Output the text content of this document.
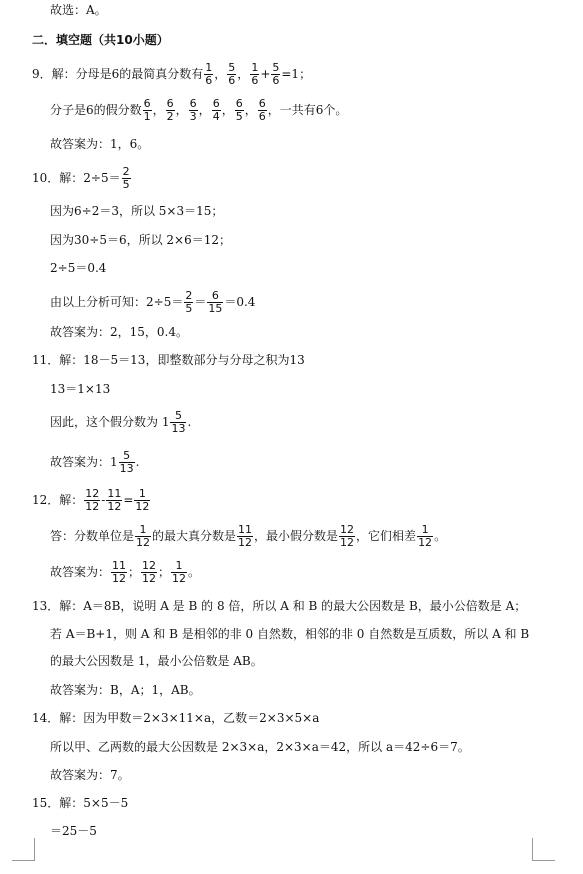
故选：A。
二．填空题（共10小题）
9．解：分母是6的最简真分数有 $\frac{1}{6}$ ， $\frac{5}{6}$ ， $\frac{1}{6} + \frac{5}{6} =1$；
分子是6的假分数 $\frac{6}{1}$ ， $\frac{6}{2}$ ， $\frac{6}{3}$ ， $\frac{6}{4}$ ， $\frac{6}{5}$ ， $\frac{6}{6}$ ，一共有6个。
故答案为：1，6。
10．解：$2\div 5= \frac{2}{5}$
因为6÷2＝3，所以 5×3＝15；
因为30÷5＝6，所以 2×6＝12；
2÷5＝0.4
由以上分析可知：$2\div 5= \frac{2}{5} = \frac{6}{15} =0.4$
故答案为：2，15，0.4。
11．解：18－5＝13，即整数部分与分母之积为13
13＝1×13
因此，这个假分数为 $1 \frac{5}{13}$ .
故答案为：$1 \frac{5}{13}$ .
12．解： $\frac{12}{12} - \frac{11}{12} = \frac{1}{12}$
答：分数单位是 $\frac{1}{12}$ 的最大真分数是 $\frac{11}{12}$ ，最小假分数是 $\frac{12}{12}$ ，它们相差 $\frac{1}{12}$ 。
故答案为： $\frac{11}{12}$ ； $\frac{12}{12}$ ； $\frac{1}{12}$ 。
13．解：A＝8B，说明 A 是 B 的 8 倍，所以 A 和 B 的最大公因数是 B，最小公倍数是 A；
若 A＝B+1，则 A 和 B 是相邻的非 0 自然数，相邻的非 0 自然数是互质数，所以 A 和 B
的最大公因数是 1，最小公倍数是 AB。
故答案为：B，A；1，AB。
14．解：因为甲数＝2×3×11×a，乙数＝2×3×5×a
所以甲、乙两数的最大公因数是 2×3×a，2×3×a＝42，所以 a＝42÷6＝7。
故答案为：7。
15．解：5×5－5
＝25－5
